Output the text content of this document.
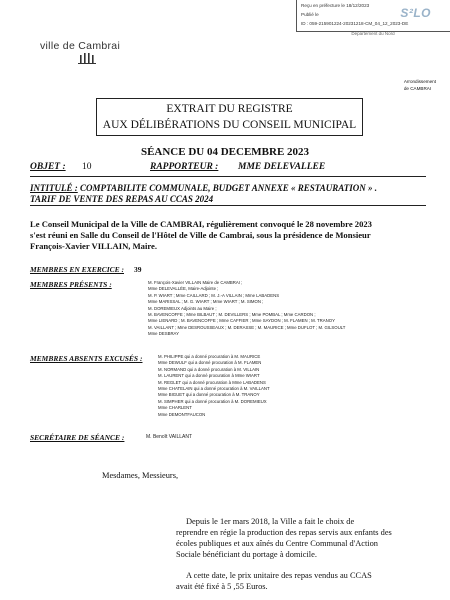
Reçu en préfecture le 18/12/2023
Publié le
ID : 059-215901224-20231218-CM_04_12_2023-DE
S²LO
Département du Nord
ville de Cambrai
Arrondissement
de CAMBRAI
EXTRAIT DU REGISTRE
AUX DÉLIBÉRATIONS DU CONSEIL MUNICIPAL
SÉANCE DU 04 DECEMBRE 2023
OBJET : 10	RAPPORTEUR : MME DELEVALLEE
INTITULÉ : COMPTABILITE COMMUNALE, BUDGET ANNEXE « RESTAURATION » .
TARIF DE VENTE DES REPAS AU CCAS 2024
Le Conseil Municipal de la Ville de CAMBRAI, régulièrement convoqué le 28 novembre 2023
s'est réuni en Salle du Conseil de l'Hôtel de Ville de Cambrai, sous la présidence de Monsieur
François-Xavier VILLAIN, Maire.
MEMBRES EN EXERCICE : 39
MEMBRES PRÉSENTS :	M. François-Xavier VILLAIN Maire de CAMBRAI ;
Mme DELEVALLÉE, Maire-Adjointe ;
M. P. WIART ; Mme CAILLARD ; M. J.-A VILLAIN ; Mme LABADENS
Mme MARISSAL ; M. G. WIART ; Mme WIART ; M. SIMON ;
M. DOREMIEUX Adjoints au Maire ;
M. BAVENCOFFE ; Mme BILBAUT ; M. DEVILLERS ; Mme POMBAL ; Mme CARDON ;
Mme LIENARD ; M. BAVENCOFFE ; Mme CAFFIER ; Mme SAYDON ; M. FLAMEN ; M. TRANOY
M. VAILLANT ; Mme DESROUSSEAUX ; M. DERASSE ; M. MAURICE ; Mme DUFLOT ; M. GILSOULT
Mme DESBRAY
MEMBRES ABSENTS EXCUSÉS :	M. PHILIPPE qui a donné procuration à M. MAURICE
Mme DEWULF qui a donné procuration à M. FLAMEN
M. NORMAND qui a donné procuration à M. VILLAIN
M. LAURENT qui a donné procuration à Mme WIART
M. REGLET qui a donné procuration à Mme LABADENS
Mme CHATELAIN qui a donné procuration à M. VAILLANT
Mme BIGUET qui a donné procuration à M. TRANOY
M. SIMPHER qui a donné procuration à M. DOREMIEUX
Mme CHARLENT
Mme DEMONTFAUCON
SECRÉTAIRE DE SÉANCE :	M. Benoît VAILLANT
Mesdames, Messieurs,
Depuis le 1er mars 2018, la Ville a fait le choix de
reprendre en régie la production des repas servis aux enfants des
écoles publiques et aux aînés du Centre Communal d'Action
Sociale bénéficiant du portage à domicile.
A cette date, le prix unitaire des repas vendus au CCAS
avait été fixé à 5 ,55 Euros.
